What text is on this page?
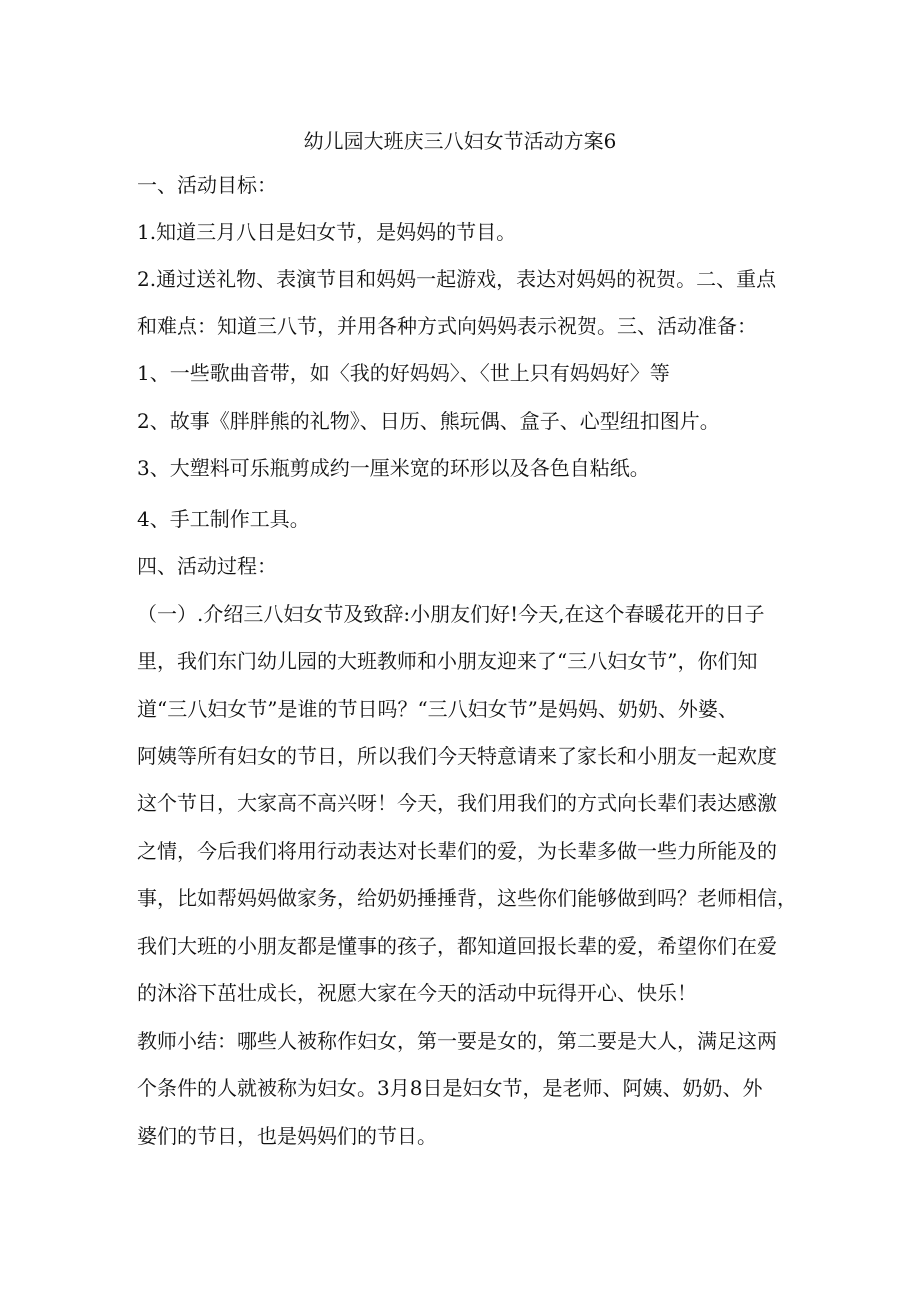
幼儿园大班庆三八妇女节活动方案6
一、活动目标：
1.知道三月八日是妇女节，是妈妈的节目。
2.通过送礼物、表演节目和妈妈一起游戏，表达对妈妈的祝贺。二、重点
和难点：知道三八节，并用各种方式向妈妈表示祝贺。三、活动准备：
1、一些歌曲音带，如〈我的好妈妈〉、〈世上只有妈妈好〉等
2、故事《胖胖熊的礼物》、日历、熊玩偶、盒子、心型纽扣图片。
3、大塑料可乐瓶剪成约一厘米宽的环形以及各色自粘纸。
4、手工制作工具。
四、活动过程：
（一）.介绍三八妇女节及致辞:小朋友们好!今天,在这个春暖花开的日子
里，我们东门幼儿园的大班教师和小朋友迎来了“三八妇女节”，你们知
道“三八妇女节”是谁的节日吗？“三八妇女节”是妈妈、奶奶、外婆、
阿姨等所有妇女的节日，所以我们今天特意请来了家长和小朋友一起欢度
这个节日，大家高不高兴呀！今天，我们用我们的方式向长辈们表达感激
之情，今后我们将用行动表达对长辈们的爱，为长辈多做一些力所能及的
事，比如帮妈妈做家务，给奶奶捶捶背，这些你们能够做到吗？老师相信，
我们大班的小朋友都是懂事的孩子，都知道回报长辈的爱，希望你们在爱
的沐浴下茁壮成长，祝愿大家在今天的活动中玩得开心、快乐！
教师小结：哪些人被称作妇女，第一要是女的，第二要是大人，满足这两
个条件的人就被称为妇女。3月8日是妇女节，是老师、阿姨、奶奶、外
婆们的节日，也是妈妈们的节日。
